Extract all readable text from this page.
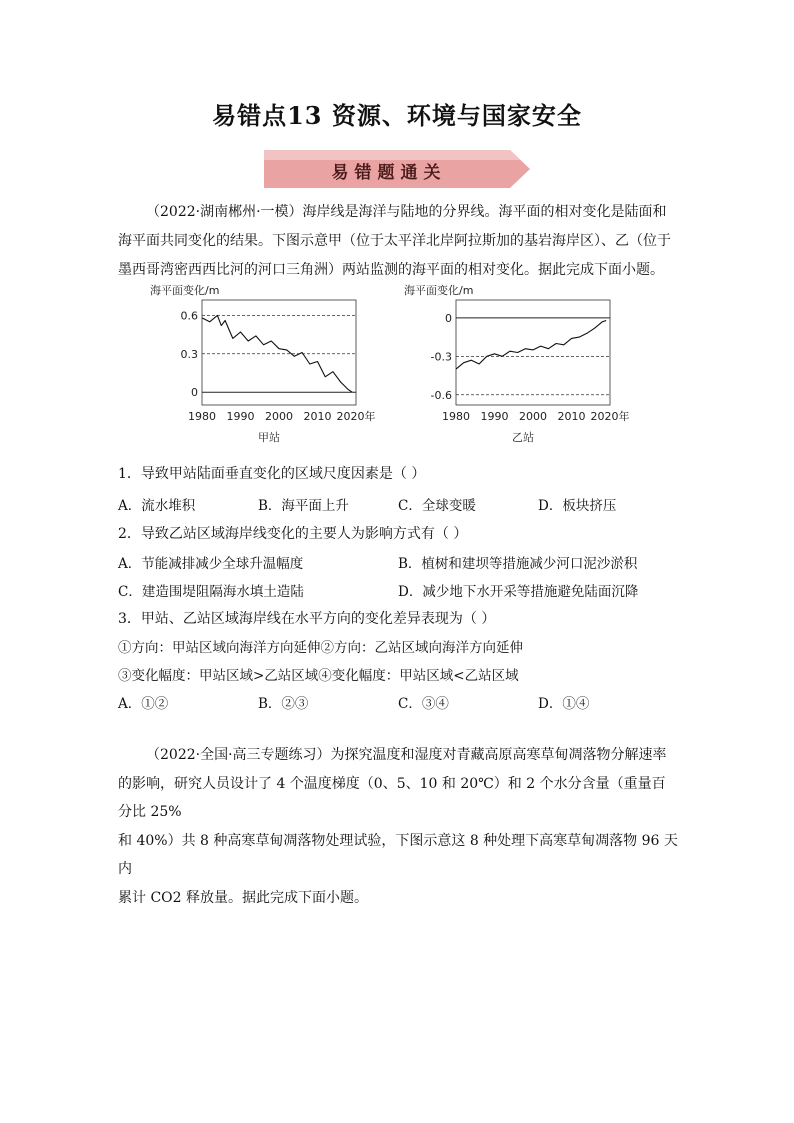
易错点13 资源、环境与国家安全
易错题通关

（2022·湖南郴州·一模）海岸线是海洋与陆地的分界线。海平面的相对变化是陆面和
海平面共同变化的结果。下图示意甲（位于太平洋北岸阿拉斯加的基岩海岸区）、乙（位于
墨西哥湾密西西比河的河口三角洲）两站监测的海平面的相对变化。据此完成下面小题。

海平面变化/m
0.6
0.3
0
1980 1990 2000 2010 2020年
甲站
海平面变化/m
0
-0.3
-0.6
1980 1990 2000 2010 2020年
乙站

1．导致甲站陆面垂直变化的区域尺度因素是（ ）

A．流水堆积	B．海平面上升	C．全球变暖	D．板块挤压

2．导致乙站区域海岸线变化的主要人为影响方式有（ ）

A．节能减排减少全球升温幅度	B．植树和建坝等措施减少河口泥沙淤积
C．建造围堤阻隔海水填土造陆	D．减少地下水开采等措施避免陆面沉降

3．甲站、乙站区域海岸线在水平方向的变化差异表现为（ ）

①方向：甲站区域向海洋方向延伸②方向：乙站区域向海洋方向延伸

③变化幅度：甲站区域>乙站区域④变化幅度：甲站区域<乙站区域

A．①②	B．②③	C．③④	D．①④

（2022·全国·高三专题练习）为探究温度和湿度对青藏高原高寒草甸凋落物分解速率
的影响，研究人员设计了 4 个温度梯度（0、5、10 和 20℃）和 2 个水分含量（重量百分比 25%
和 40%）共 8 种高寒草甸凋落物处理试验，下图示意这 8 种处理下高寒草甸凋落物 96 天内
累计 CO2 释放量。据此完成下面小题。
